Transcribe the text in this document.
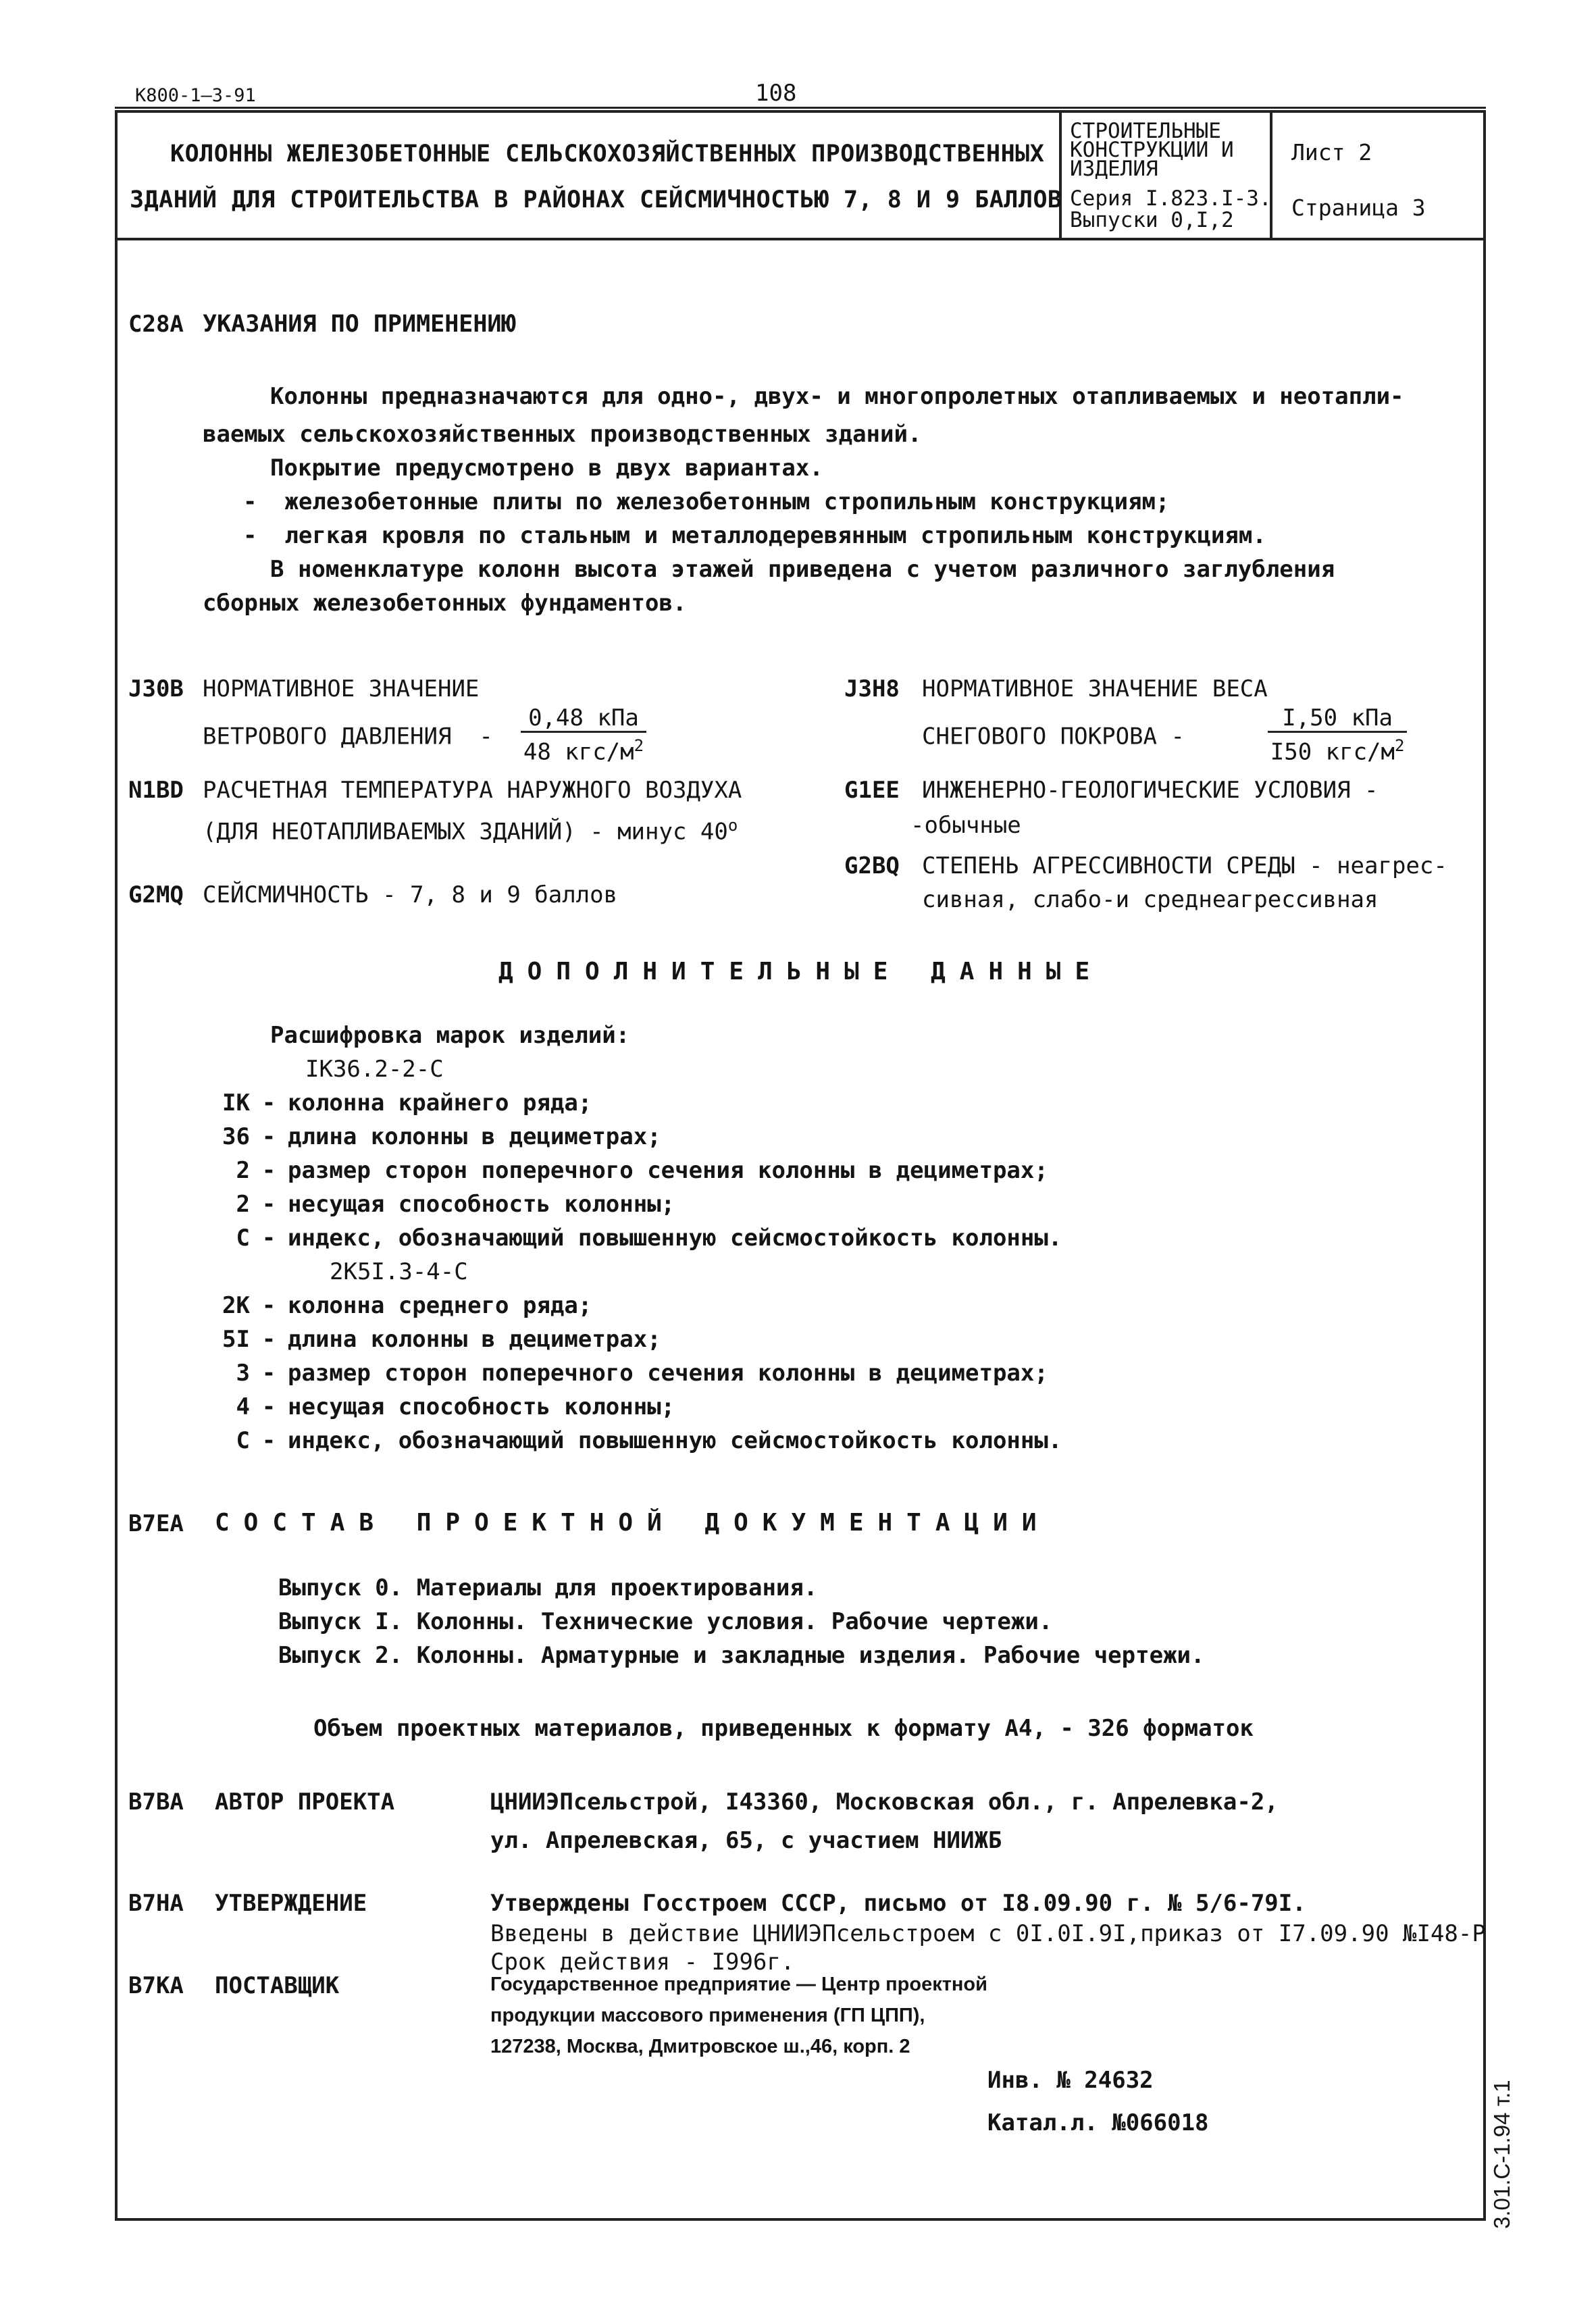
K800-1—3-91	108
КОЛОННЫ ЖЕЛЕЗОБЕТОННЫЕ СЕЛЬСКОХОЗЯЙСТВЕННЫХ ПРОИЗВОДСТВЕННЫХ
ЗДАНИЙ ДЛЯ СТРОИТЕЛЬСТВА В РАЙОНАХ СЕЙСМИЧНОСТЬЮ 7, 8 И 9 БАЛЛОВ
СТРОИТЕЛЬНЫЕ
КОНСТРУКЦИИ И
ИЗДЕЛИЯ
Серия I.823.I-3.
Выпуски 0,I,2
Лист 2
Страница 3
C28A УКАЗАНИЯ ПО ПРИМЕНЕНИЮ
Колонны предназначаются для одно-, двух- и многопролетных отапливаемых и неотапли-
ваемых сельскохозяйственных производственных зданий.
Покрытие предусмотрено в двух вариантах.
- железобетонные плиты по железобетонным стропильным конструкциям;
- легкая кровля по стальным и металлодеревянным стропильным конструкциям.
В номенклатуре колонн высота этажей приведена с учетом различного заглубления
сборных железобетонных фундаментов.
J30B НОРМАТИВНОЕ ЗНАЧЕНИЕ
ВЕТРОВОГО ДАВЛЕНИЯ - $\frac{\text{0,48 кПа}}{48 кгс/м^2}$
N1BD РАСЧЕТНАЯ ТЕМПЕРАТУРА НАРУЖНОГО ВОЗДУХА
(ДЛЯ НЕОТАПЛИВАЕМЫХ ЗДАНИЙ) - минус $40^о$
G2MQ СЕЙСМИЧНОСТЬ - 7, 8 и 9 баллов
J3H8 НОРМАТИВНОЕ ЗНАЧЕНИЕ ВЕСА
СНЕГОВОГО ПОКРОВА -	$\frac{\text{I,50 кПа}}{I50 кгс/м^2}$
G1EE ИНЖЕНЕРНО-ГЕОЛОГИЧЕСКИЕ УСЛОВИЯ -
-обычные
G2BQ СТЕПЕНЬ АГРЕССИВНОСТИ СРЕДЫ - неагрес-
сивная, слабо-и среднеагрессивная
ДОПОЛНИТЕЛЬНЫЕ ДАННЫЕ
Расшифровка марок изделий:
IK36.2-2-C
IK - колонна крайнего ряда;
36 - длина колонны в дециметрах;
2 - размер сторон поперечного сечения колонны в дециметрах;
2 - несущая способность колонны;
C - индекс, обозначающий повышенную сейсмостойкость колонны.
2K5I.3-4-C
2K - колонна среднего ряда;
5I - длина колонны в дециметрах;
3 - размер сторон поперечного сечения колонны в дециметрах;
4 - несущая способность колонны;
C - индекс, обозначающий повышенную сейсмостойкость колонны.
B7EA СОСТАВ ПРОЕКТНОЙ ДОКУМЕНТАЦИИ
Выпуск 0. Материалы для проектирования.
Выпуск I. Колонны. Технические условия. Рабочие чертежи.
Выпуск 2. Колонны. Арматурные и закладные изделия. Рабочие чертежи.
Объем проектных материалов, приведенных к формату А4, - 326 форматок
B7BA АВТОР ПРОЕКТА	ЦНИИЭПсельстрой, I43360, Московская обл., г. Апрелевка-2,
ул. Апрелевская, 65, с участием НИИЖБ
B7HA УТВЕРЖДЕНИЕ	Утверждены Госстроем СССР, письмо от I8.09.90 г. № 5/6-79I.
Введены в действие ЦНИИЭПсельстроем с 0I.0I.9I,приказ от I7.09.90 №I48-Р
Срок действия - I996г.
B7KA ПОСТАВЩИК	Государственное предприятие — Центр проектной
продукции массового применения (ГП ЦПП),
127238, Москва, Дмитровское ш.,46, корп. 2
Инв. № 24632
Катал.л. №066018	3.01.C-1.94 т.1
